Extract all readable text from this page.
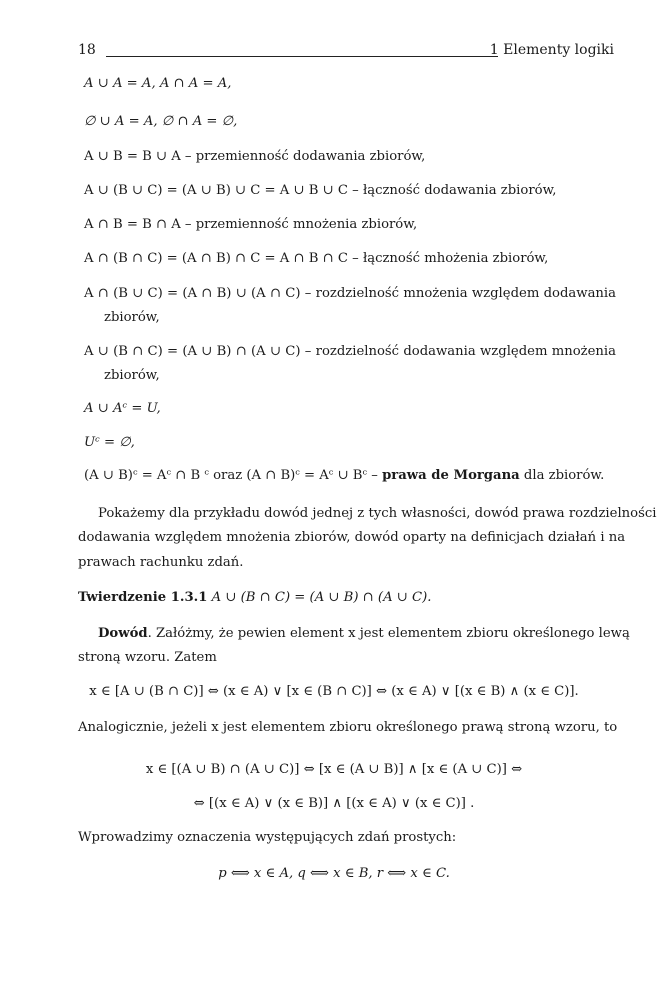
18	1 Elementy logiki
A ∪ A = A, A ∩ A = A,
∅ ∪ A = A, ∅ ∩ A = ∅,
A ∪ B = B ∪ A – przemienność dodawania zbiorów,
A ∪ (B ∪ C) = (A ∪ B) ∪ C = A ∪ B ∪ C – łączność dodawania zbiorów,
A ∩ B = B ∩ A – przemienność mnożenia zbiorów,
A ∩ (B ∩ C) = (A ∩ B) ∩ C = A ∩ B ∩ C – łączność mhożenia zbiorów,
A ∩ (B ∪ C) = (A ∩ B) ∪ (A ∩ C) – rozdzielność mnożenia względem dodawania
zbiorów,
A ∪ (B ∩ C) = (A ∪ B) ∩ (A ∪ C) – rozdzielność dodawania względem mnożenia
zbiorów,
A ∪ Aᶜ = U,
Uᶜ = ∅,
(A ∪ B)ᶜ = Aᶜ ∩ B ᶜ oraz (A ∩ B)ᶜ = Aᶜ ∪ Bᶜ – prawa de Morgana dla zbiorów.
Pokażemy dla przykładu dowód jednej z tych własności, dowód prawa rozdzielności
dodawania względem mnożenia zbiorów, dowód oparty na definicjach działań i na
prawach rachunku zdań.
Twierdzenie 1.3.1 A ∪ (B ∩ C) = (A ∪ B) ∩ (A ∪ C).
Dowód. Załóżmy, że pewien element x jest elementem zbioru określonego lewą
stroną wzoru. Zatem
x ∈ [A ∪ (B ∩ C)] ⇔ (x ∈ A) ∨ [x ∈ (B ∩ C)] ⇔ (x ∈ A) ∨ [(x ∈ B) ∧ (x ∈ C)].
Analogicznie, jeżeli x jest elementem zbioru określonego prawą stroną wzoru, to
x ∈ [(A ∪ B) ∩ (A ∪ C)] ⇔ [x ∈ (A ∪ B)] ∧ [x ∈ (A ∪ C)] ⇔
⇔ [(x ∈ A) ∨ (x ∈ B)] ∧ [(x ∈ A) ∨ (x ∈ C)] .
Wprowadzimy oznaczenia występujących zdań prostych:
p ⟺ x ∈ A, q ⟺ x ∈ B, r ⟺ x ∈ C.
